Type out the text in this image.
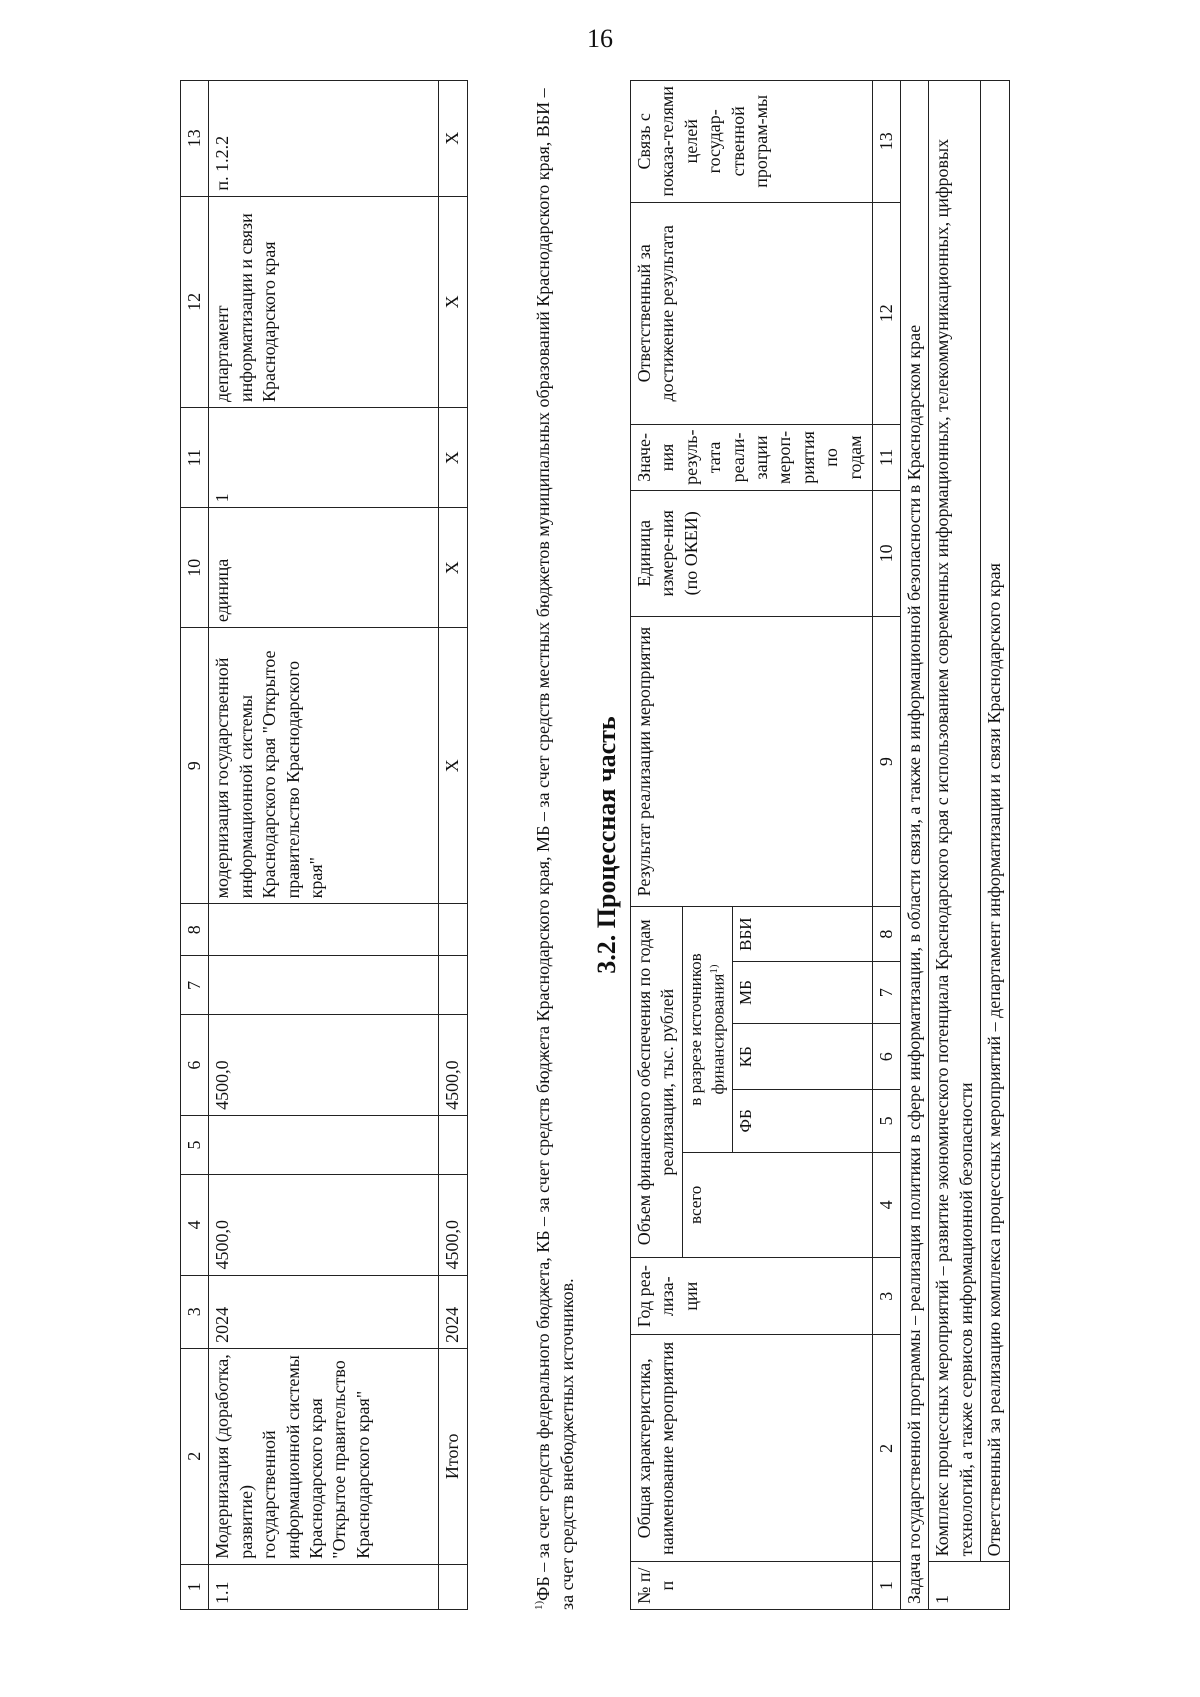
16
1	2	3	4	5	6	7	8	9	10	11	12	13
1.1	Модернизация (доработка, развитие) государственной информационной системы Краснодарского края "Открытое правительство Краснодарского края"	2024	4500,0		4500,0			модернизация государственной информационной системы Краснодарского края "Открытое правительство Краснодарского края"	единица	1	департамент информатизации и связи Краснодарского края	п. 1.2.2
	Итого	2024	4500,0		4500,0			X	X	X	X	X
$^{1)}$ФБ – за счет средств федерального бюджета, КБ – за счет средств бюджета Краснодарского края, МБ – за счет средств местных бюджетов муниципальных образований Краснодарского края, ВБИ – за счет средств внебюджетных источников.
3.2. Процессная часть
№ п/п	Общая характеристика, наименование мероприятия	Год реа-лиза-ции	Объем финансового обеспечения по годам реализации, тыс. рублей					Результат реализации мероприятия	Единица измере-ния (по ОКЕИ)	Значе-ния резуль-тата реали-зации мероп-риятия по годам	Ответственный за достижение результата	Связь с показа-телями целей государ-ственной програм-мы
			всего	в разрезе источников финансирования$^{1)}$
				ФБ	КБ	МБ	ВБИ					
1	2	3	4	5	6	7	8	9	10	11	12	13
Задача государственной программы – реализация политики в сфере информатизации, в области связи, а также в информационной безопасности в Краснодарском крае												
1	Комплекс процессных мероприятий – развитие экономического потенциала Краснодарского края с использованием современных информационных, телекоммуникационных, цифровых технологий, а также сервисов информационной безопасности											
	Ответственный за реализацию комплекса процессных мероприятий – департамент информатизации и связи Краснодарского края											
